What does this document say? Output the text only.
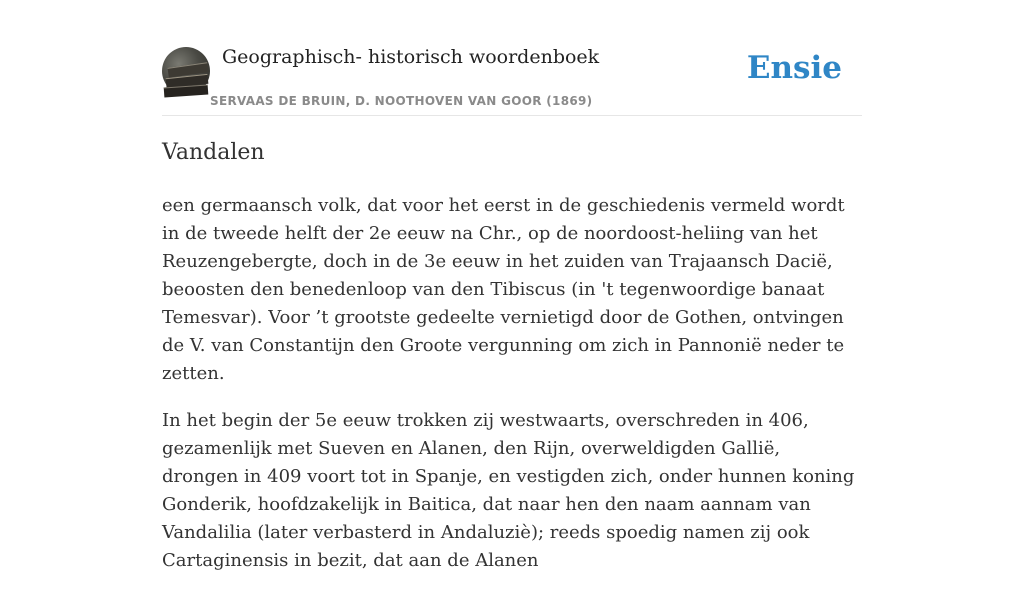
Geographisch- historisch woordenboek
SERVAAS DE BRUIN, D. NOOTHOVEN VAN GOOR (1869)
Ensie
Vandalen

een germaansch volk, dat voor het eerst in de geschiedenis vermeld wordt in de tweede helft der 2e eeuw na Chr., op de noordoost-heliing van het Reuzengebergte, doch in de 3e eeuw in het zuiden van Trajaansch Dacië, beoosten den benedenloop van den Tibiscus (in 't tegenwoordige banaat Temesvar). Voor ’t grootste gedeelte vernietigd door de Gothen, ontvingen de V. van Constantijn den Groote vergunning om zich in Pannonië neder te zetten.

In het begin der 5e eeuw trokken zij westwaarts, overschreden in 406, gezamenlijk met Sueven en Alanen, den Rijn, overweldigden Gallië, drongen in 409 voort tot in Spanje, en vestigden zich, onder hunnen koning Gonderik, hoofdzakelijk in Baitica, dat naar hen den naam aannam van Vandalilia (later verbasterd in Andaluziè); reeds spoedig namen zij ook Cartaginensis in bezit, dat aan de Alanen
